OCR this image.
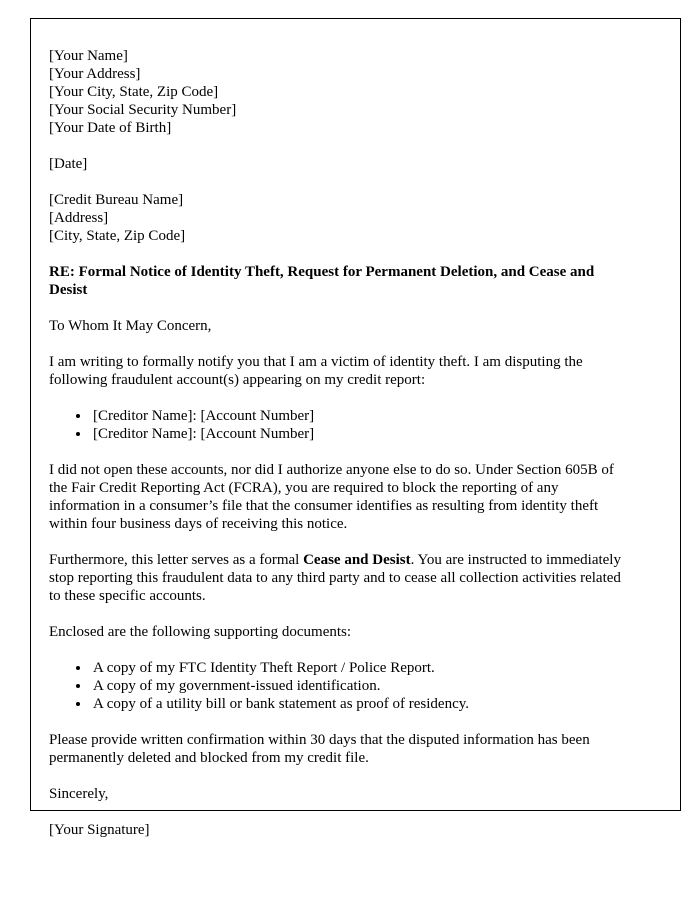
[Your Name]
[Your Address]
[Your City, State, Zip Code]
[Your Social Security Number]
[Your Date of Birth]
[Date]
[Credit Bureau Name]
[Address]
[City, State, Zip Code]

RE: Formal Notice of Identity Theft, Request for Permanent Deletion, and Cease and Desist

To Whom It May Concern,

I am writing to formally notify you that I am a victim of identity theft. I am disputing the following fraudulent account(s) appearing on my credit report:

• [Creditor Name]: [Account Number]
• [Creditor Name]: [Account Number]

I did not open these accounts, nor did I authorize anyone else to do so. Under Section 605B of the Fair Credit Reporting Act (FCRA), you are required to block the reporting of any information in a consumer’s file that the consumer identifies as resulting from identity theft within four business days of receiving this notice.

Furthermore, this letter serves as a formal Cease and Desist. You are instructed to immediately stop reporting this fraudulent data to any third party and to cease all collection activities related to these specific accounts.

Enclosed are the following supporting documents:

• A copy of my FTC Identity Theft Report / Police Report.
• A copy of my government-issued identification.
• A copy of a utility bill or bank statement as proof of residency.

Please provide written confirmation within 30 days that the disputed information has been permanently deleted and blocked from my credit file.

Sincerely,

[Your Signature]
